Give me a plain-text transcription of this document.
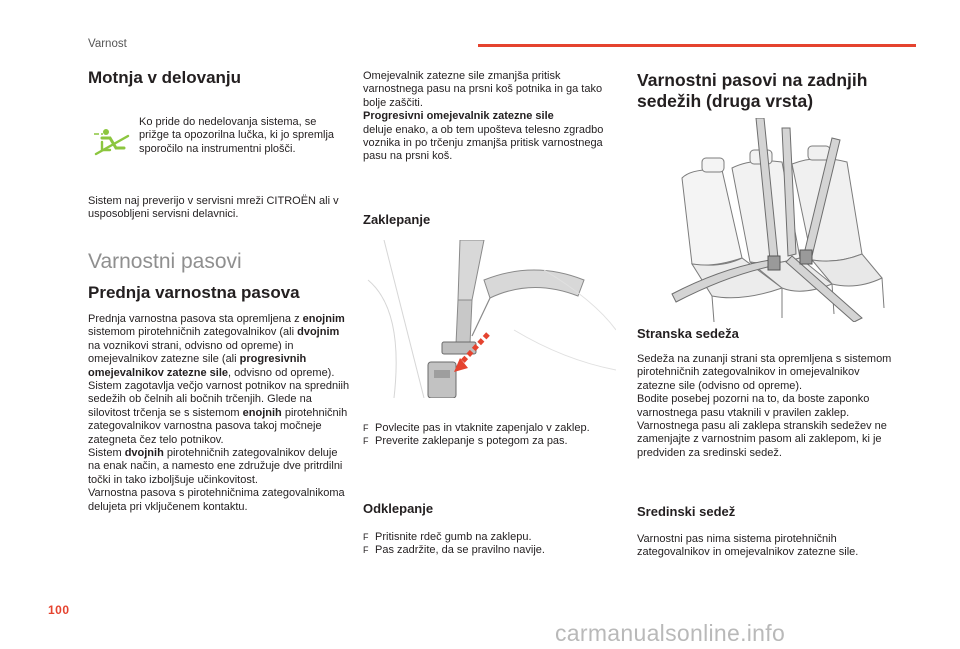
Varnost
Motnja v delovanju
Ko pride do nedelovanja sistema, se prižge ta opozorilna lučka, ki jo spremlja sporočilo na instrumentni plošči.
Sistem naj preverijo v servisni mreži CITROËN ali v usposobljeni servisni delavnici.
Varnostni pasovi
Prednja varnostna pasova
Prednja varnostna pasova sta opremljena z enojnim sistemom pirotehničnih zategovalnikov (ali dvojnim na voznikovi strani, odvisno od opreme) in omejevalnikov zatezne sile (ali progresivnih omejevalnikov zatezne sile, odvisno od opreme).
Sistem zagotavlja večjo varnost potnikov na spredniih sedežih ob čelnih ali bočnih trčenjih. Glede na silovitost trčenja se s sistemom enojnih pirotehničnih zategovalnikov varnostna pasova takoj močneje zategneta čez telo potnikov.
Sistem dvojnih pirotehničnih zategovalnikov deluje na enak način, a namesto ene združuje dve pritrdilni točki in tako izboljšuje učinkovitost.
Varnostna pasova s pirotehničnima zategovalnikoma delujeta pri vključenem kontaktu.
Omejevalnik zatezne sile zmanjša pritisk varnostnega pasu na prsni koš potnika in ga tako bolje zaščiti.
Progresivni omejevalnik zatezne sile
deluje enako, a ob tem upošteva telesno zgradbo voznika in po trčenju zmanjša pritisk varnostnega pasu na prsni koš.
Zaklepanje
F Povlecite pas in vtaknite zapenjalo v zaklep.
F Preverite zaklepanje s potegom za pas.
Odklepanje
F Pritisnite rdeč gumb na zaklepu.
F Pas zadržite, da se pravilno navije.
Varnostni pasovi na zadnjih
sedežih (druga vrsta)
Stranska sedeža
Sedeža na zunanji strani sta opremljena s sistemom pirotehničnih zategovalnikov in omejevalnikov zatezne sile (odvisno od opreme).
Bodite posebej pozorni na to, da boste zaponko varnostnega pasu vtaknili v pravilen zaklep.
Varnostnega pasu ali zaklepa stranskih sedežev ne zamenjajte z varnostnim pasom ali zaklepom, ki je predviden za sredinski sedež.
Sredinski sedež
Varnostni pas nima sistema pirotehničnih zategovalnikov in omejevalnikov zatezne sile.
100
carmanualsonline.info
